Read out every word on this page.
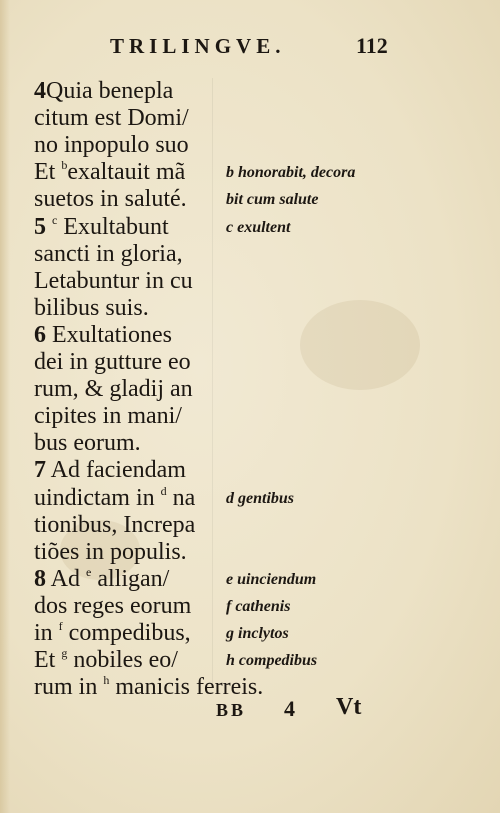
TRILINGVE.	112
4Quia benepla
citum est Domi/
no inpopulo suo
Et $^b$exaltauit mã
suetos in saluté.
5 $^c$ Exultabunt
sancti in gloria,
Letabuntur in cu
bilibus suis.
6 Exultationes
dei in gutture eo
rum, & gladij an
cipites in mani/
bus eorum.
7 Ad faciendam
uindictam in $^d$ na
tionibus, Increpa
tiões in populis.
8 Ad $^e$ alligan/
dos reges eorum
in $^f$ compedibus,
Et $^g$ nobiles eo/
rum in $^h$ manicis ferreis.
b honorabit, decora
bit cum salute
c exultent
d gentibus
e uinciendum
f cathenis
g inclytos
h compedibus
BB 4 Vt
